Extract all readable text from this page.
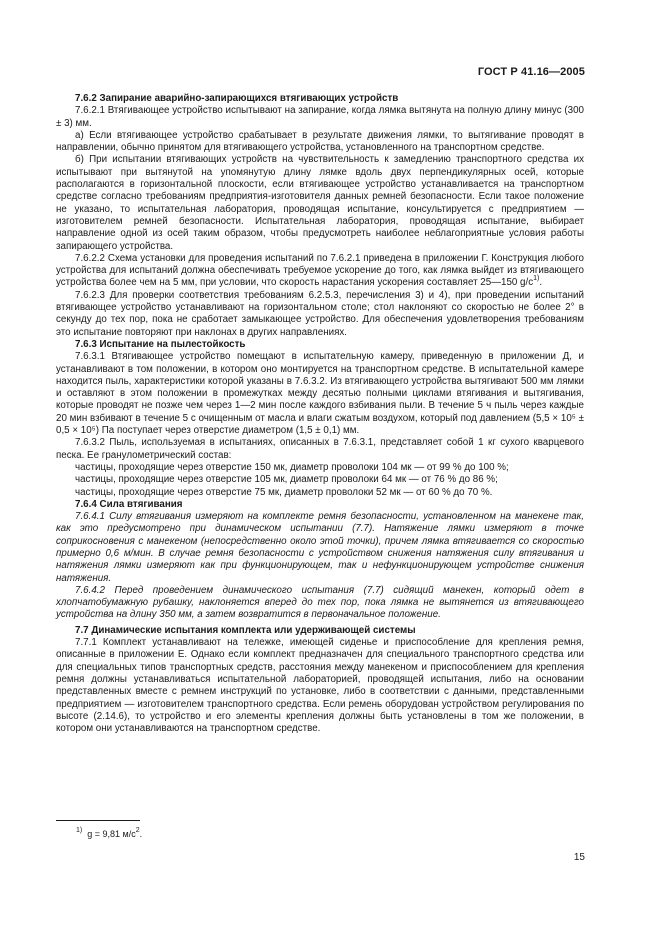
ГОСТ Р 41.16—2005

7.6.2 Запирание аварийно-запирающихся втягивающих устройств

7.6.2.1 Втягивающее устройство испытывают на запирание, когда лямка вытянута на полную длину минус (300 ± 3) мм.

а) Если втягивающее устройство срабатывает в результате движения лямки, то вытягивание проводят в направлении, обычно принятом для втягивающего устройства, установленного на транспортном средстве.

б) При испытании втягивающих устройств на чувствительность к замедлению транспортного средства их испытывают при вытянутой на упомянутую длину лямке вдоль двух перпендикулярных осей, которые располагаются в горизонтальной плоскости, если втягивающее устройство устанавливается на транспортном средстве согласно требованиям предприятия-изготовителя данных ремней безопасности. Если такое положение не указано, то испытательная лаборатория, проводящая испытание, консультируется с предприятием — изготовителем ремней безопасности. Испытательная лаборатория, проводящая испытание, выбирает направление одной из осей таким образом, чтобы предусмотреть наиболее неблагоприятные условия работы запирающего устройства.

7.6.2.2 Схема установки для проведения испытаний по 7.6.2.1 приведена в приложении Г. Конструкция любого устройства для испытаний должна обеспечивать требуемое ускорение до того, как лямка выйдет из втягивающего устройства более чем на 5 мм, при условии, что скорость нарастания ускорения составляет 25—150 $g/с^{1)}$.

7.6.2.3 Для проверки соответствия требованиям 6.2.5.3, перечисления 3) и 4), при проведении испытаний втягивающее устройство устанавливают на горизонтальном столе; стол наклоняют со скоростью не более 2° в секунду до тех пор, пока не сработает замыкающее устройство. Для обеспечения удовлетворения требованиям это испытание повторяют при наклонах в других направлениях.

7.6.3 Испытание на пылестойкость

7.6.3.1 Втягивающее устройство помещают в испытательную камеру, приведенную в приложении Д, и устанавливают в том положении, в котором оно монтируется на транспортном средстве. В испытательной камере находится пыль, характеристики которой указаны в 7.6.3.2. Из втягивающего устройства вытягивают 500 мм лямки и оставляют в этом положении в промежутках между десятью полными циклами втягивания и вытягивания, которые проводят не позже чем через 1—2 мин после каждого взбивания пыли. В течение 5 ч пыль через каждые 20 мин взбивают в течение 5 с очищенным от масла и влаги сжатым воздухом, который под давлением (5,5 × 10⁵ ± 0,5 × 10⁵) Па поступает через отверстие диаметром (1,5 ± 0,1) мм.

7.6.3.2 Пыль, используемая в испытаниях, описанных в 7.6.3.1, представляет собой 1 кг сухого кварцевого песка. Ее гранулометрический состав:

частицы, проходящие через отверстие 150 мк, диаметр проволоки 104 мк — от 99 % до 100 %;
частицы, проходящие через отверстие 105 мк, диаметр проволоки 64 мк — от 76 % до 86 %;
частицы, проходящие через отверстие 75 мк, диаметр проволоки 52 мк — от 60 % до 70 %.

7.6.4 Сила втягивания

7.6.4.1 Силу втягивания измеряют на комплекте ремня безопасности, установленном на манекене так, как это предусмотрено при динамическом испытании (7.7). Натяжение лямки измеряют в точке соприкосновения с манекеном (непосредственно около этой точки), причем лямка втягивается со скоростью примерно 0,6 м/мин. В случае ремня безопасности с устройством снижения натяжения силу втягивания и натяжения лямки измеряют как при функционирующем, так и нефункционирующем устройстве снижения натяжения.

7.6.4.2 Перед проведением динамического испытания (7.7) сидящий манекен, который одет в хлопчатобумажную рубашку, наклоняется вперед до тех пор, пока лямка не вытянется из втягивающего устройства на длину 350 мм, а затем возвратится в первоначальное положение.

7.7 Динамические испытания комплекта или удерживающей системы

7.7.1 Комплект устанавливают на тележке, имеющей сиденье и приспособление для крепления ремня, описанные в приложении Е. Однако если комплект предназначен для специального транспортного средства или для специальных типов транспортных средств, расстояния между манекеном и приспособлением для крепления ремня должны устанавливаться испытательной лабораторией, проводящей испытания, либо на основании представленных вместе с ремнем инструкций по установке, либо в соответствии с данными, представленными предприятием — изготовителем транспортного средства. Если ремень оборудован устройством регулирования по высоте (2.14.6), то устройство и его элементы крепления должны быть установлены в том же положении, в котором они устанавливаются на транспортном средстве.

$^{1)}$ g = 9,81 $м/с^2$.
15
